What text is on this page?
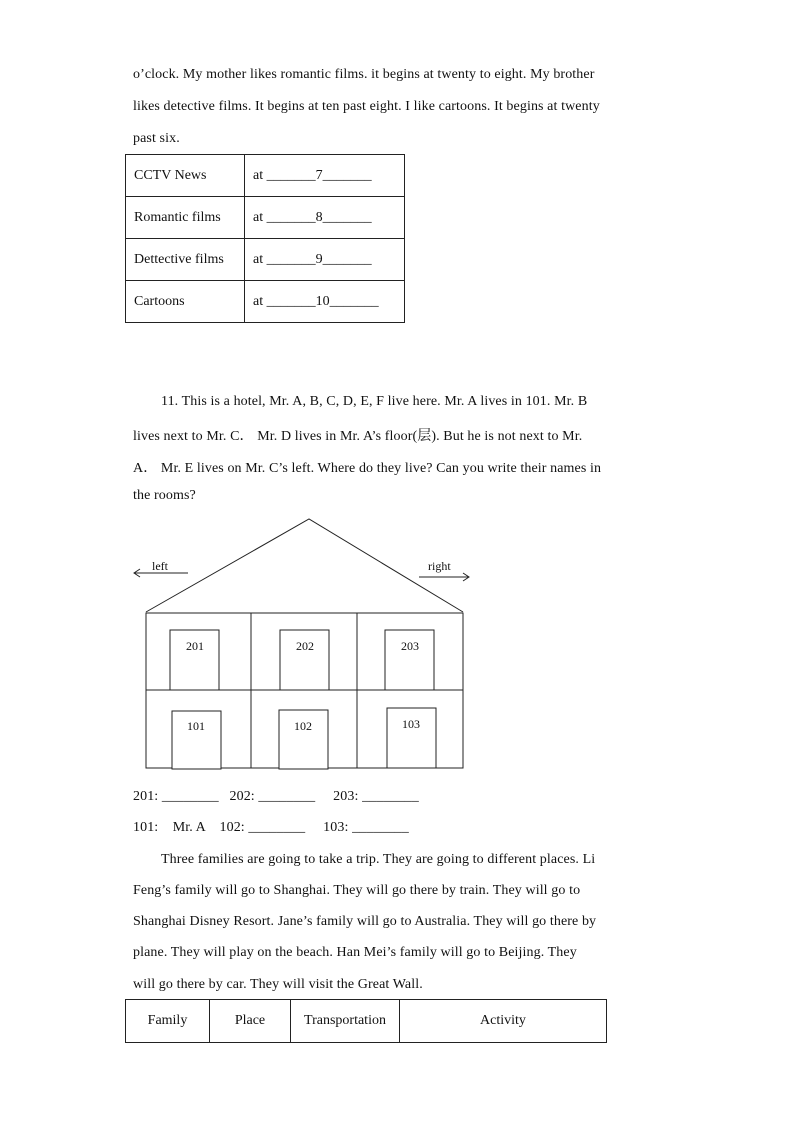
o’clock. My mother likes romantic films. it begins at twenty to eight. My brother
likes detective films. It begins at ten past eight. I like cartoons. It begins at twenty
past six.
CCTV News	at _______7_______
Romantic films	at _______8_______
Dettective films	at _______9_______
Cartoons	at _______10_______
11. This is a hotel, Mr. A, B, C, D, E, F live here. Mr. A lives in 101. Mr. B
lives next to Mr. C． Mr. D lives in Mr. A’s floor(层). But he is not next to Mr.
A． Mr. E lives on Mr. C’s left. Where do they live? Can you write their names in
the rooms?
left	right
201	202	203
101	102	103
201: ________   202: ________     203: ________
101:    Mr. A    102: ________     103: ________
Three families are going to take a trip. They are going to different places. Li
Feng’s family will go to Shanghai. They will go there by train. They will go to
Shanghai Disney Resort. Jane’s family will go to Australia. They will go there by
plane. They will play on the beach. Han Mei’s family will go to Beijing. They
will go there by car. They will visit the Great Wall.
Family	Place	Transportation	Activity
